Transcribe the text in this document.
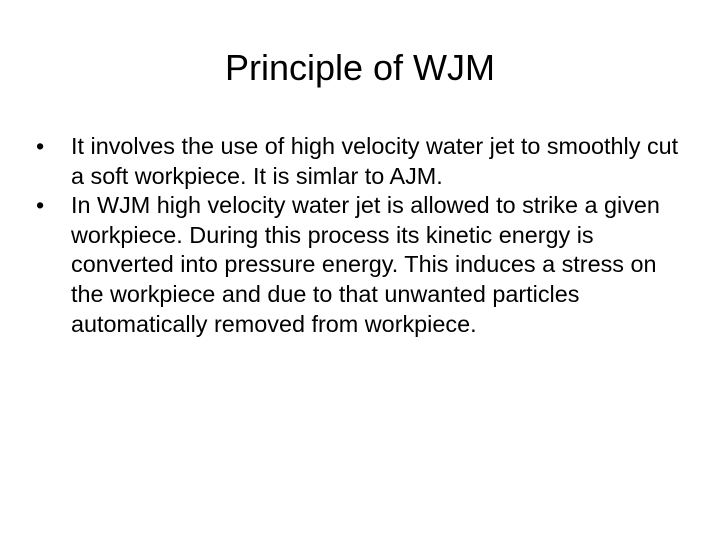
Principle of WJM
•	It involves the use of high velocity water jet to smoothly cut a soft workpiece. It is simlar to AJM.
•	In WJM high velocity water jet is allowed to strike a given workpiece. During this process its kinetic energy is converted into pressure energy. This induces a stress on the workpiece and due to that unwanted particles automatically removed from workpiece.
